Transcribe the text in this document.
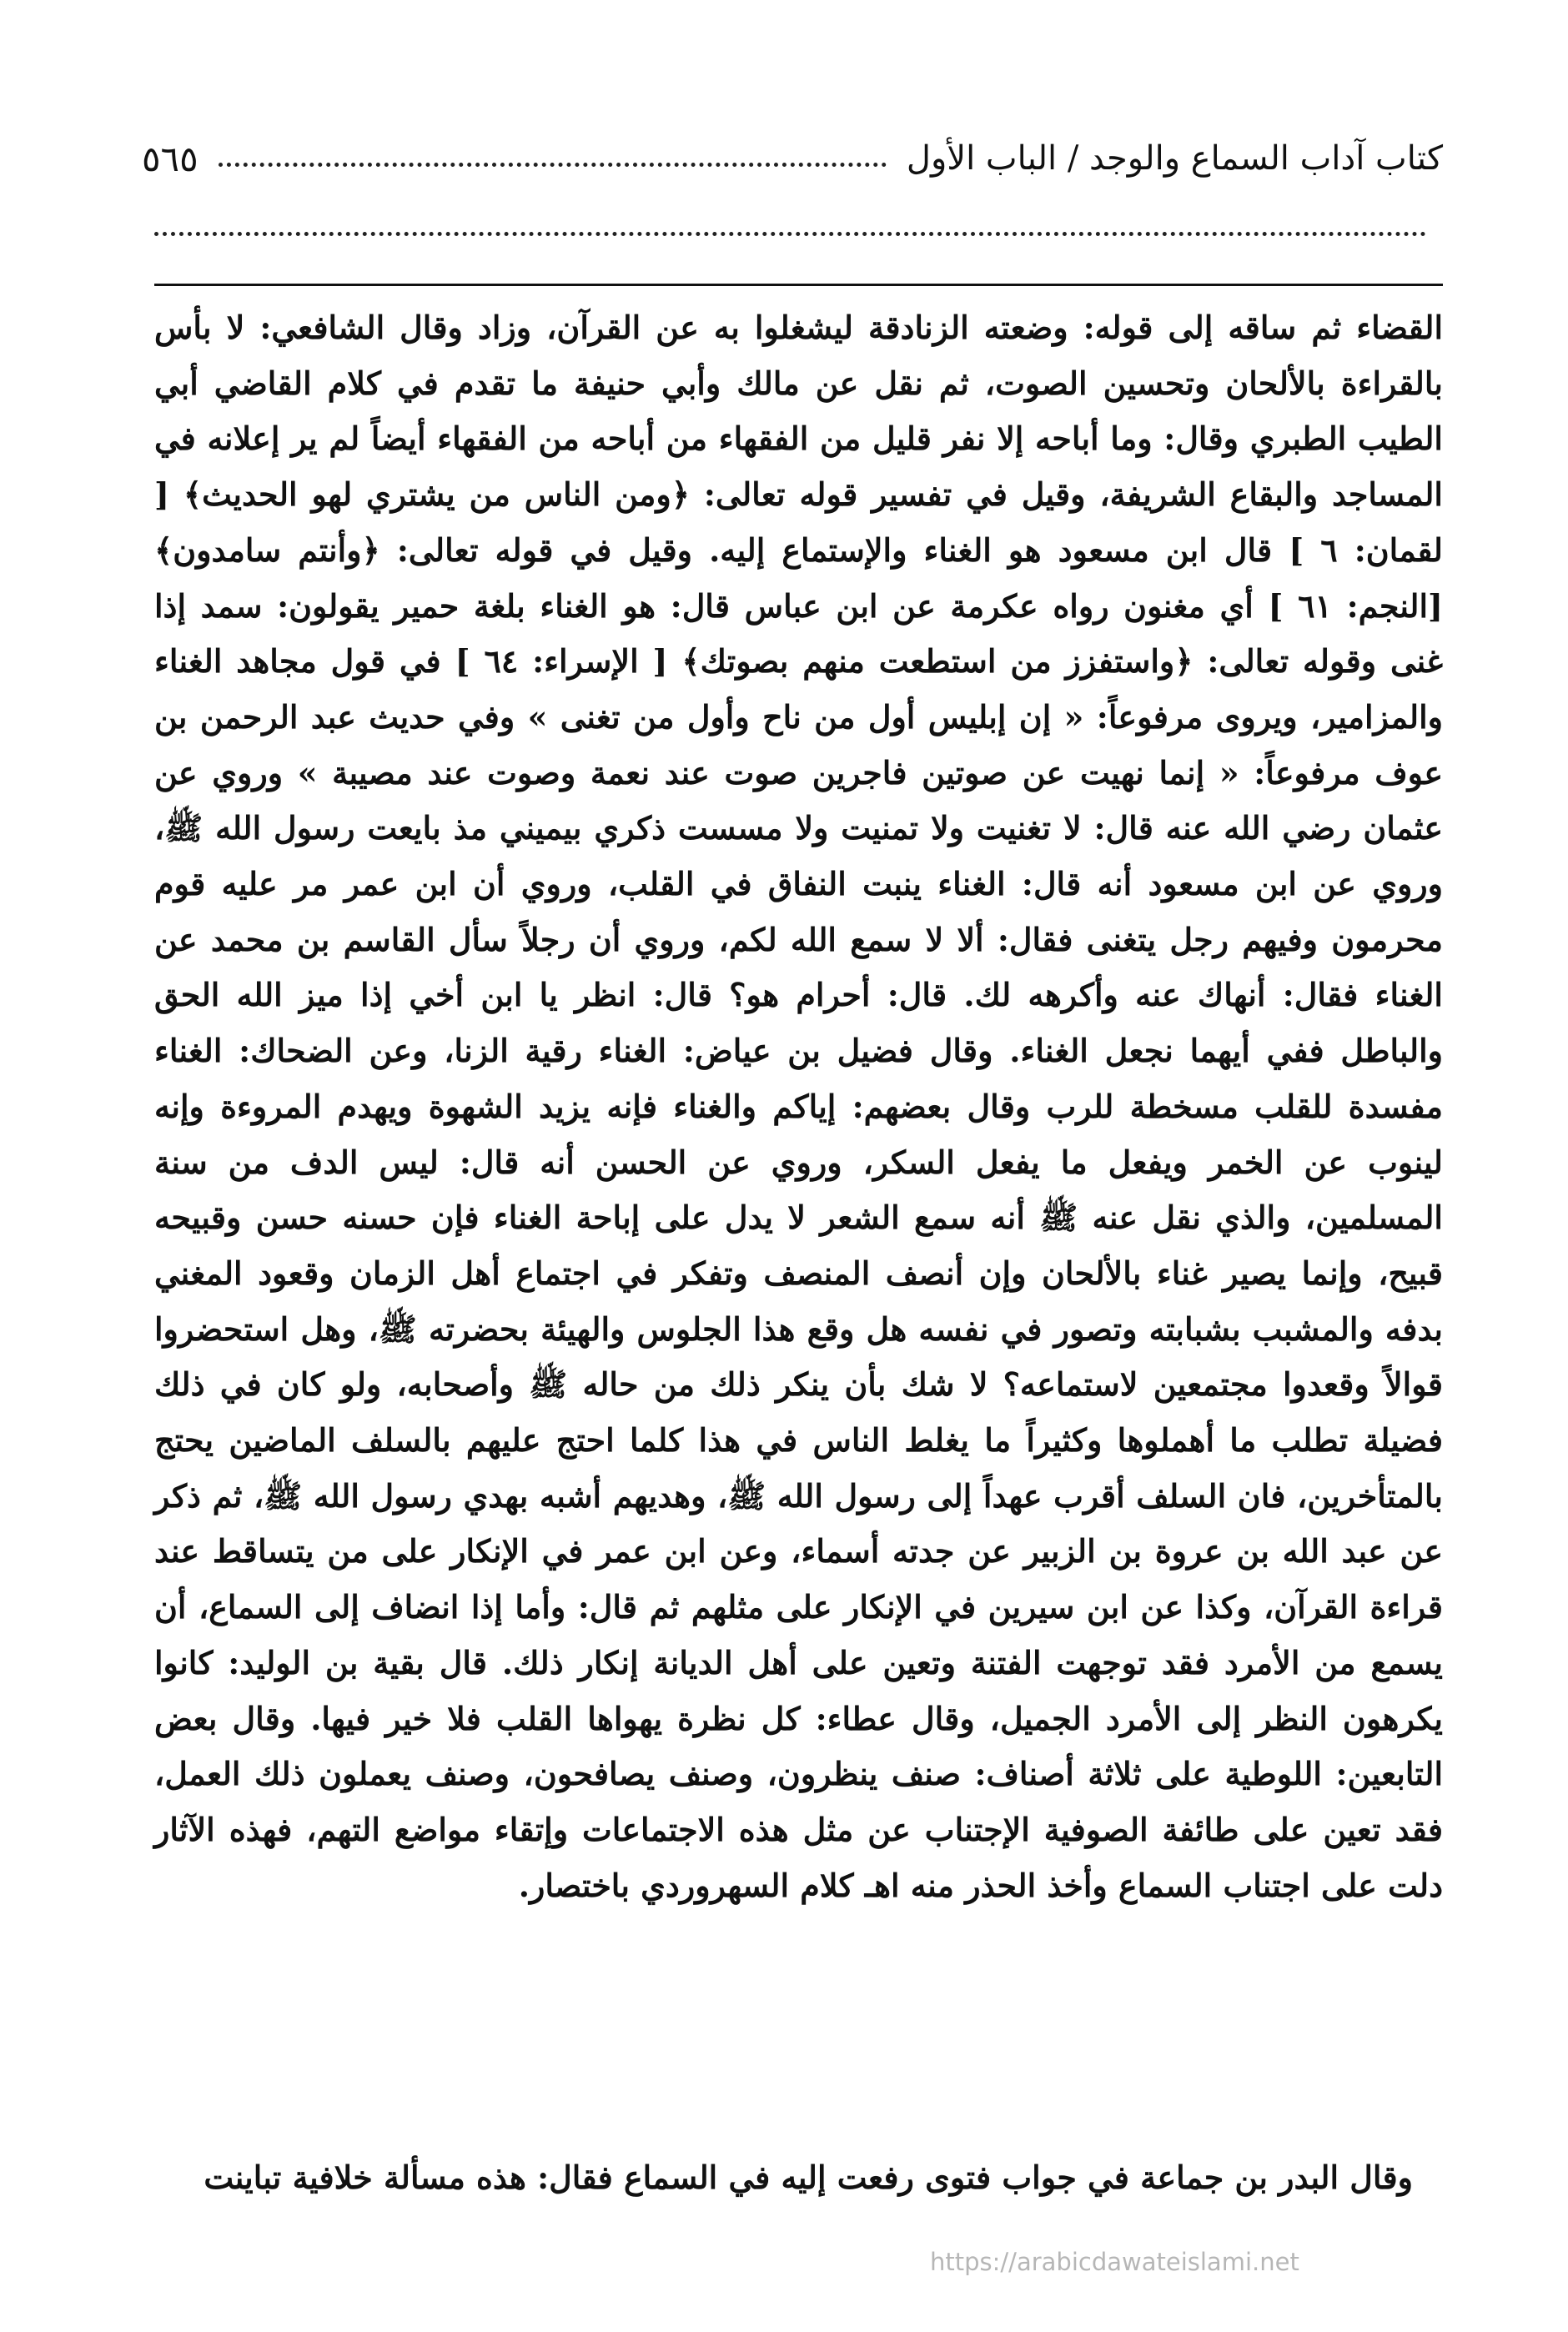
كتاب آداب السماع والوجد / الباب الأول
٥٦٥
القضاء ثم ساقه إلى قوله: وضعته الزنادقة ليشغلوا به عن القرآن، وزاد وقال الشافعي: لا بأس بالقراءة بالألحان وتحسين الصوت، ثم نقل عن مالك وأبي حنيفة ما تقدم في كلام القاضي أبي الطيب الطبري وقال: وما أباحه إلا نفر قليل من الفقهاء من أباحه من الفقهاء أيضاً لم ير إعلانه في المساجد والبقاع الشريفة، وقيل في تفسير قوله تعالى: ﴿ومن الناس من يشتري لهو الحديث﴾ [ لقمان: ٦ ] قال ابن مسعود هو الغناء والإستماع إليه. وقيل في قوله تعالى: ﴿وأنتم سامدون﴾ [النجم: ٦١ ] أي مغنون رواه عكرمة عن ابن عباس قال: هو الغناء بلغة حمير يقولون: سمد إذا غنى وقوله تعالى: ﴿واستفزز من استطعت منهم بصوتك﴾ [ الإسراء: ٦٤ ] في قول مجاهد الغناء والمزامير، ويروى مرفوعاً: « إن إبليس أول من ناح وأول من تغنى » وفي حديث عبد الرحمن بن عوف مرفوعاً: « إنما نهيت عن صوتين فاجرين صوت عند نعمة وصوت عند مصيبة » وروي عن عثمان رضي الله عنه قال: لا تغنيت ولا تمنيت ولا مسست ذكري بيميني مذ بايعت رسول الله ﷺ، وروي عن ابن مسعود أنه قال: الغناء ينبت النفاق في القلب، وروي أن ابن عمر مر عليه قوم محرمون وفيهم رجل يتغنى فقال: ألا لا سمع الله لكم، وروي أن رجلاً سأل القاسم بن محمد عن الغناء فقال: أنهاك عنه وأكرهه لك. قال: أحرام هو؟ قال: انظر يا ابن أخي إذا ميز الله الحق والباطل ففي أيهما نجعل الغناء. وقال فضيل بن عياض: الغناء رقية الزنا، وعن الضحاك: الغناء مفسدة للقلب مسخطة للرب وقال بعضهم: إياكم والغناء فإنه يزيد الشهوة ويهدم المروءة وإنه لينوب عن الخمر ويفعل ما يفعل السكر، وروي عن الحسن أنه قال: ليس الدف من سنة المسلمين، والذي نقل عنه ﷺ أنه سمع الشعر لا يدل على إباحة الغناء فإن حسنه حسن وقبيحه قبيح، وإنما يصير غناء بالألحان وإن أنصف المنصف وتفكر في اجتماع أهل الزمان وقعود المغني بدفه والمشبب بشبابته وتصور في نفسه هل وقع هذا الجلوس والهيئة بحضرته ﷺ، وهل استحضروا قوالاً وقعدوا مجتمعين لاستماعه؟ لا شك بأن ينكر ذلك من حاله ﷺ وأصحابه، ولو كان في ذلك فضيلة تطلب ما أهملوها وكثيراً ما يغلط الناس في هذا كلما احتج عليهم بالسلف الماضين يحتج بالمتأخرين، فان السلف أقرب عهداً إلى رسول الله ﷺ، وهديهم أشبه بهدي رسول الله ﷺ، ثم ذكر عن عبد الله بن عروة بن الزبير عن جدته أسماء، وعن ابن عمر في الإنكار على من يتساقط عند قراءة القرآن، وكذا عن ابن سيرين في الإنكار على مثلهم ثم قال: وأما إذا انضاف إلى السماع، أن يسمع من الأمرد فقد توجهت الفتنة وتعين على أهل الديانة إنكار ذلك. قال بقية بن الوليد: كانوا يكرهون النظر إلى الأمرد الجميل، وقال عطاء: كل نظرة يهواها القلب فلا خير فيها. وقال بعض التابعين: اللوطية على ثلاثة أصناف: صنف ينظرون، وصنف يصافحون، وصنف يعملون ذلك العمل، فقد تعين على طائفة الصوفية الإجتناب عن مثل هذه الاجتماعات وإتقاء مواضع التهم، فهذه الآثار دلت على اجتناب السماع وأخذ الحذر منه اهـ كلام السهروردي باختصار.
وقال البدر بن جماعة في جواب فتوى رفعت إليه في السماع فقال: هذه مسألة خلافية تباينت
https://arabicdawateislami.net
